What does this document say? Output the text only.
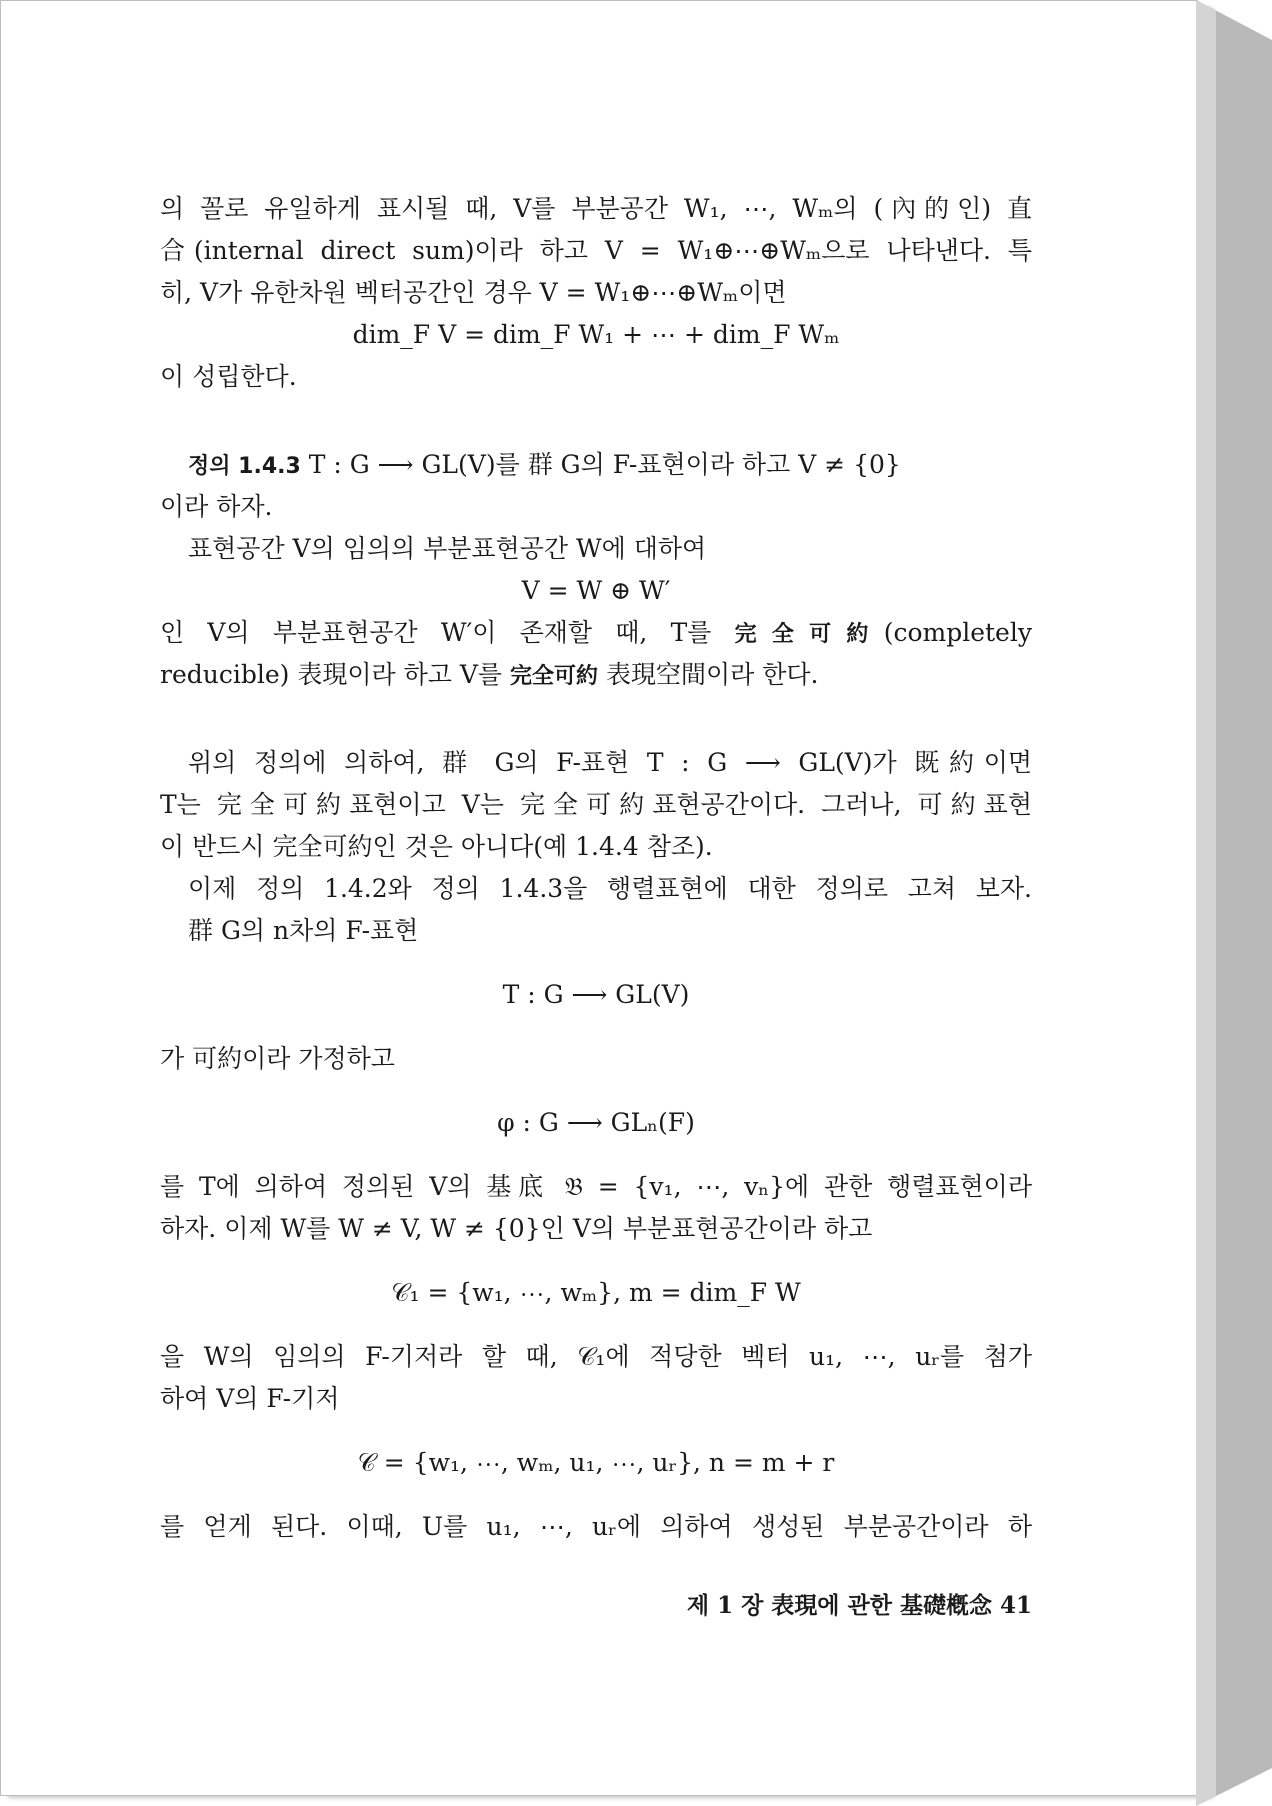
의 꼴로 유일하게 표시될 때, V를 부분공간 W₁, ⋯, Wₘ의 (內的인) 直
合(internal direct sum)이라 하고 V = W₁⊕⋯⊕Wₘ으로 나타낸다. 특
히, V가 유한차원 벡터공간인 경우 V = W₁⊕⋯⊕Wₘ이면
dim_F V = dim_F W₁ + ⋯ + dim_F Wₘ
이 성립한다.
정의 1.4.3 T : G ⟶ GL(V)를 群 G의 F-표현이라 하고 V ≠ {0}
이라 하자.
표현공간 V의 임의의 부분표현공간 W에 대하여
V = W ⊕ W′
인 V의 부분표현공간 W′이 존재할 때, T를 完全可約(completely
reducible) 表現이라 하고 V를 完全可約 表現空間이라 한다.
위의 정의에 의하여, 群 G의 F-표현 T : G ⟶ GL(V)가 既約이면
T는 完全可約표현이고 V는 完全可約표현공간이다. 그러나, 可約표현
이 반드시 完全可約인 것은 아니다(예 1.4.4 참조).
이제 정의 1.4.2와 정의 1.4.3을 행렬표현에 대한 정의로 고쳐 보자.
群 G의 n차의 F-표현
T : G ⟶ GL(V)
가 可約이라 가정하고
φ : G ⟶ GLₙ(F)
를 T에 의하여 정의된 V의 基底 𝔅 = {v₁, ⋯, vₙ}에 관한 행렬표현이라
하자. 이제 W를 W ≠ V, W ≠ {0}인 V의 부분표현공간이라 하고
𝒞₁ = {w₁, ⋯, wₘ}, m = dim_F W
을 W의 임의의 F-기저라 할 때, 𝒞₁에 적당한 벡터 u₁, ⋯, uᵣ를 첨가
하여 V의 F-기저
𝒞 = {w₁, ⋯, wₘ, u₁, ⋯, uᵣ}, n = m + r
를 얻게 된다. 이때, U를 u₁, ⋯, uᵣ에 의하여 생성된 부분공간이라 하
제 1 장 表現에 관한 基礎槪念 41
